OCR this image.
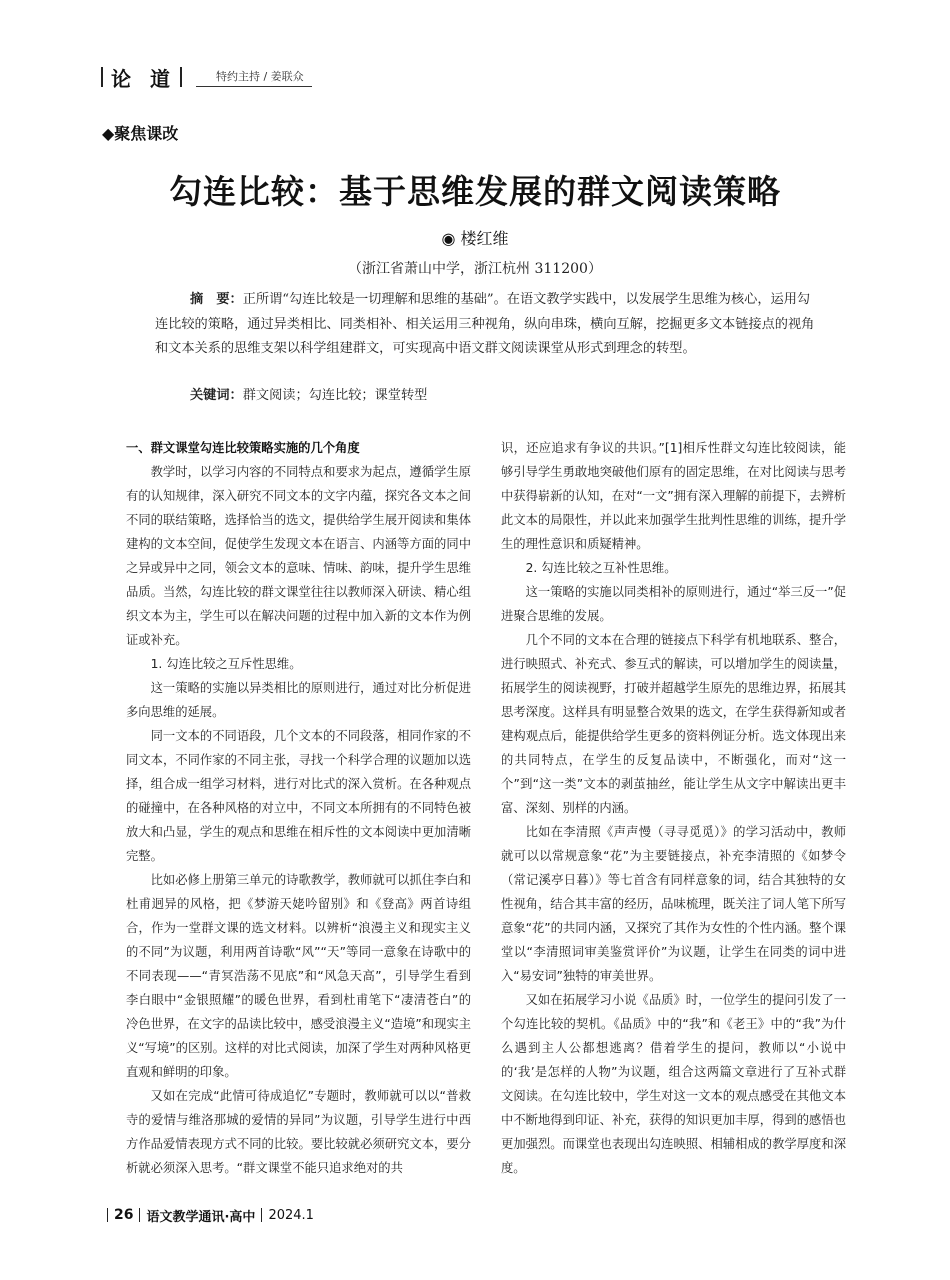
论 道	特约主持 / 姜联众
◆聚焦课改
勾连比较：基于思维发展的群文阅读策略
◉ 楼红维
（浙江省萧山中学，浙江杭州 311200）
摘　要：正所谓“勾连比较是一切理解和思维的基础”。在语文教学实践中，以发展学生思维为核心，运用勾连比较的策略，通过异类相比、同类相补、相关运用三种视角，纵向串珠，横向互解，挖掘更多文本链接点的视角和文本关系的思维支架以科学组建群文，可实现高中语文群文阅读课堂从形式到理念的转型。
关键词：群文阅读；勾连比较；课堂转型

一、群文课堂勾连比较策略实施的几个角度

教学时，以学习内容的不同特点和要求为起点，遵循学生原有的认知规律，深入研究不同文本的文字内蕴，探究各文本之间不同的联结策略，选择恰当的选文，提供给学生展开阅读和集体建构的文本空间，促使学生发现文本在语言、内涵等方面的同中之异或异中之同，领会文本的意味、情味、韵味，提升学生思维品质。当然，勾连比较的群文课堂往往以教师深入研读、精心组织文本为主，学生可以在解决问题的过程中加入新的文本作为例证或补充。

1. 勾连比较之互斥性思维。

这一策略的实施以异类相比的原则进行，通过对比分析促进多向思维的延展。

同一文本的不同语段，几个文本的不同段落，相同作家的不同文本，不同作家的不同主张，寻找一个科学合理的议题加以选择，组合成一组学习材料，进行对比式的深入赏析。在各种观点的碰撞中，在各种风格的对立中，不同文本所拥有的不同特色被放大和凸显，学生的观点和思维在相斥性的文本阅读中更加清晰完整。

比如必修上册第三单元的诗歌教学，教师就可以抓住李白和杜甫迥异的风格，把《梦游天姥吟留别》和《登高》两首诗组合，作为一堂群文课的选文材料。以辨析“浪漫主义和现实主义的不同”为议题，利用两首诗歌“风”“天”等同一意象在诗歌中的不同表现——“青冥浩荡不见底”和“风急天高”，引导学生看到李白眼中“金银照耀”的暖色世界，看到杜甫笔下“凄清苍白”的冷色世界，在文字的品读比较中，感受浪漫主义“造境”和现实主义“写境”的区别。这样的对比式阅读，加深了学生对两种风格更直观和鲜明的印象。

又如在完成“此情可待成追忆”专题时，教师就可以以“普救寺的爱情与维洛那城的爱情的异同”为议题，引导学生进行中西方作品爱情表现方式不同的比较。要比较就必须研究文本，要分析就必须深入思考。“群文课堂不能只追求绝对的共

识，还应追求有争议的共识。”[1]相斥性群文勾连比较阅读，能够引导学生勇敢地突破他们原有的固定思维，在对比阅读与思考中获得崭新的认知，在对“一文”拥有深入理解的前提下，去辨析此文本的局限性，并以此来加强学生批判性思维的训练，提升学生的理性意识和质疑精神。

2. 勾连比较之互补性思维。

这一策略的实施以同类相补的原则进行，通过“举三反一”促进聚合思维的发展。

几个不同的文本在合理的链接点下科学有机地联系、整合，进行映照式、补充式、参互式的解读，可以增加学生的阅读量，拓展学生的阅读视野，打破并超越学生原先的思维边界，拓展其思考深度。这样具有明显整合效果的选文，在学生获得新知或者建构观点后，能提供给学生更多的资料例证分析。选文体现出来的共同特点，在学生的反复品读中，不断强化，而对“这一个”到“这一类”文本的剥茧抽丝，能让学生从文字中解读出更丰富、深刻、别样的内涵。

比如在李清照《声声慢（寻寻觅觅）》的学习活动中，教师就可以以常规意象“花”为主要链接点，补充李清照的《如梦令（常记溪亭日暮）》等七首含有同样意象的词，结合其独特的女性视角，结合其丰富的经历，品味梳理，既关注了词人笔下所写意象“花”的共同内涵，又探究了其作为女性的个性内涵。整个课堂以“李清照词审美鉴赏评价”为议题，让学生在同类的词中进入“易安词”独特的审美世界。

又如在拓展学习小说《品质》时，一位学生的提问引发了一个勾连比较的契机。《品质》中的“我”和《老王》中的“我”为什么遇到主人公都想逃离？借着学生的提问，教师以“小说中的‘我’是怎样的人物”为议题，组合这两篇文章进行了互补式群文阅读。在勾连比较中，学生对这一文本的观点感受在其他文本中不断地得到印证、补充，获得的知识更加丰厚，得到的感悟也更加强烈。而课堂也表现出勾连映照、相辅相成的教学厚度和深度。

26 语文教学通讯·高中 2024.1
